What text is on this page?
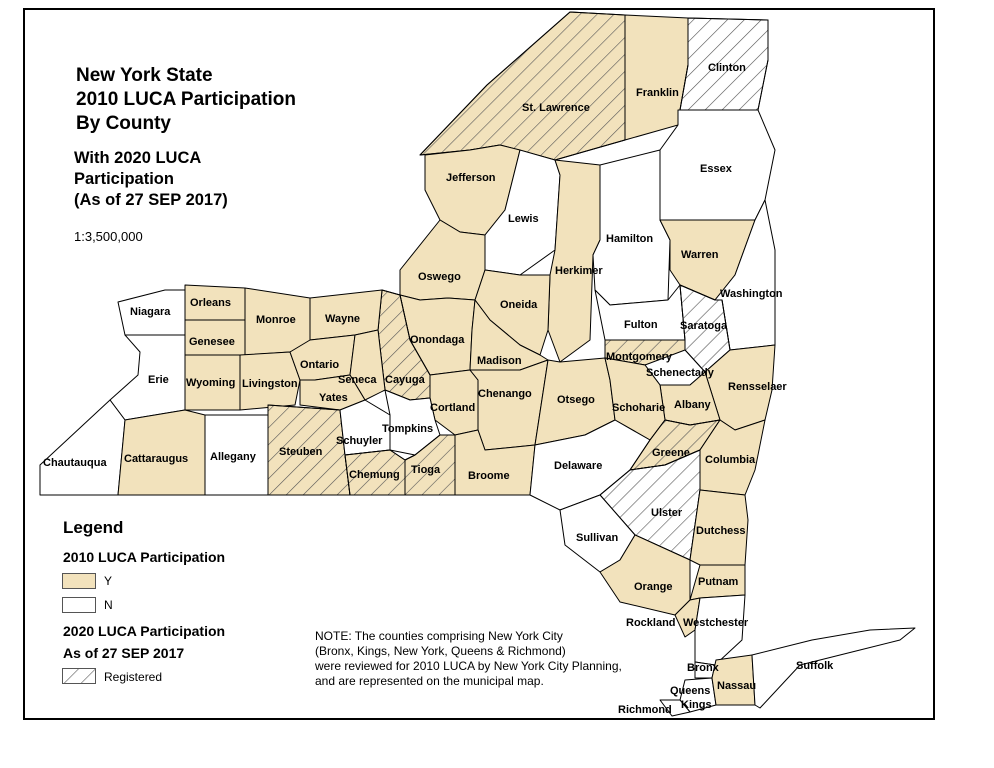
Clinton
Franklin
St. Lawrence
Essex
Jefferson
Lewis
Hamilton
Warren
Herkimer
Oswego
Washington
Niagara
Orleans
Monroe	Wayne
Oneida
Fulton Saratoga
Genesee	Onondaga
Madison	Montgomery
Ontario
Schenectady
Erie
Rensselaer
Wyoming Livingston	Seneca Cayuga
Yates	Chenango Otsego
Schoharie Albany
Cortland
Tompkins
Schuyler
Chautauqua Cattaraugus Allegany Steuben	Greene
Columbia
Delaware
Chemung Tioga	Broome
Ulster
Dutchess
Sullivan
Orange Putnam
Rockland Westchester
Bronx	Suffolk
Queens Nassau
Kings
Richmond
New York State
2010 LUCA Participation
By County
With 2020 LUCA
Participation
(As of 27 SEP 2017)
1:3,500,000
Legend
2010 LUCA Participation
Y
N
2020 LUCA Participation
As of 27 SEP 2017
Registered
NOTE: The counties comprising New York City
(Bronx, Kings, New York, Queens & Richmond)
were reviewed for 2010 LUCA by New York City Planning,
and are represented on the municipal map.
